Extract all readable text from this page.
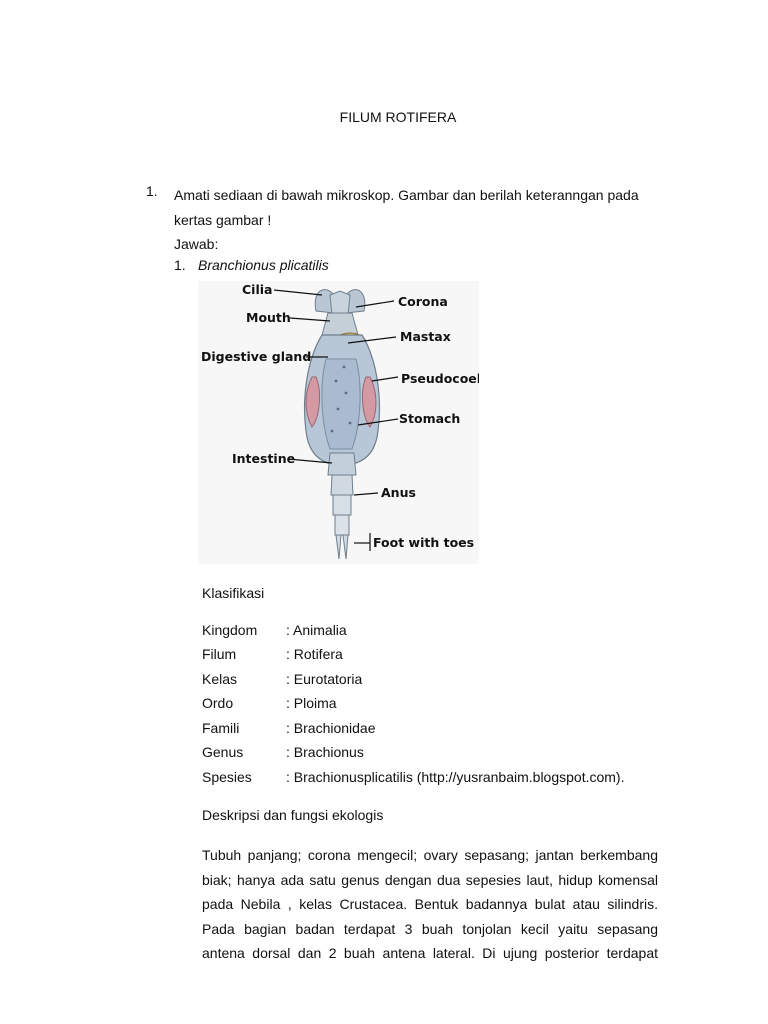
FILUM ROTIFERA
1. Amati sediaan di bawah mikroskop. Gambar dan berilah keteranngan pada
kertas gambar !
Jawab:
1. Branchionus plicatilis
Cilia
Mouth
Digestive gland
Intestine
Corona
Mastax
Pseudocoel
Stomach
Anus
Foot with toes
Klasifikasi
Kingdom : Animalia
Filum	: Rotifera
Kelas	: Eurotatoria
Ordo	: Ploima
Famili	: Brachionidae
Genus	: Brachionus
Spesies : Brachionusplicatilis (http://yusranbaim.blogspot.com).
Deskripsi dan fungsi ekologis
Tubuh panjang; corona mengecil; ovary sepasang; jantan berkembang
biak; hanya ada satu genus dengan dua sepesies laut, hidup komensal
pada Nebila , kelas Crustacea. Bentuk badannya bulat atau silindris.
Pada bagian badan terdapat 3 buah tonjolan kecil yaitu sepasang
antena dorsal dan 2 buah antena lateral. Di ujung posterior terdapat
